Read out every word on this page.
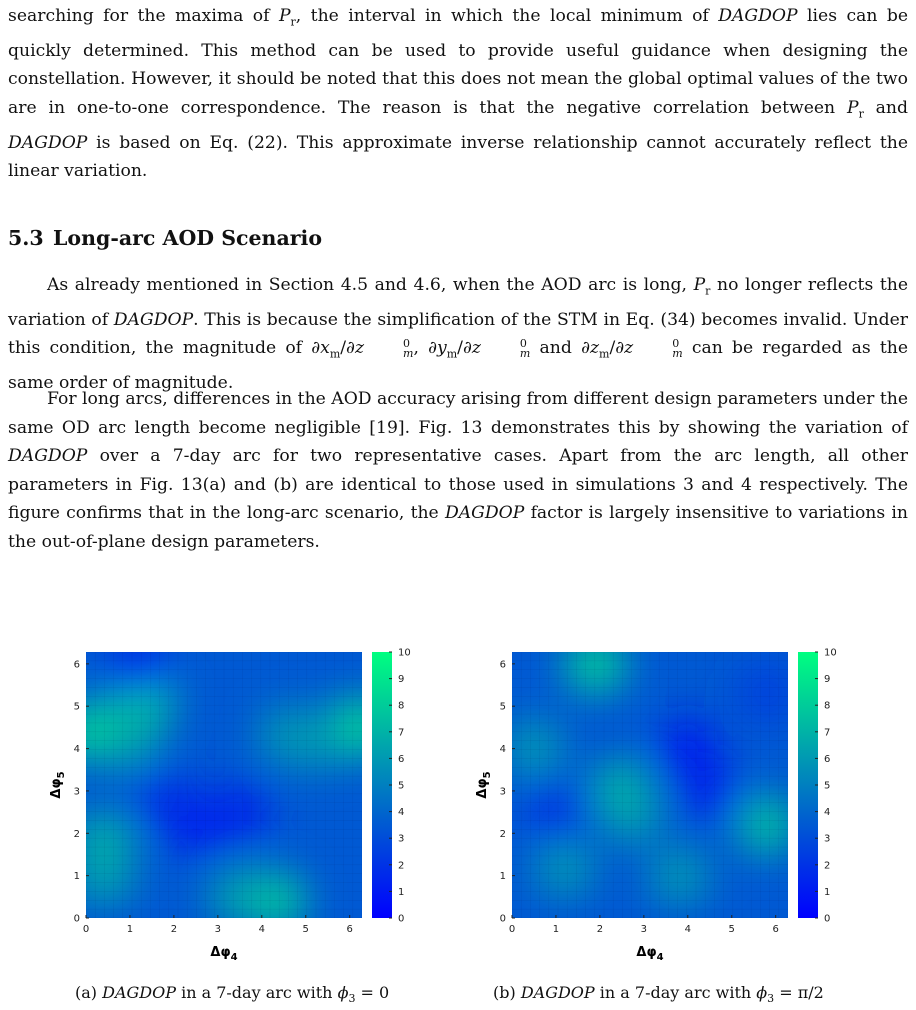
searching for the maxima of $P_r$, the interval in which the local minimum of DAGDOP lies can be quickly determined. This method can be used to provide useful guidance when designing the constellation. However, it should be noted that this does not mean the global optimal values of the two are in one-to-one correspondence. The reason is that the negative correlation between $P_r$ and DAGDOP is based on Eq. (22). This approximate inverse relationship cannot accurately reflect the linear variation.

5.3 Long-arc AOD Scenario

As already mentioned in Section 4.5 and 4.6, when the AOD arc is long, $P_r$ no longer reflects the variation of DAGDOP. This is because the simplification of the STM in Eq. (34) becomes invalid. Under this condition, the magnitude of $\partial x_m/\partial z$	0
m , $\partial y_m/\partial z$	0
m and $\partial z_m/\partial z$	0
m can be regarded as the same order of magnitude.

For long arcs, differences in the AOD accuracy arising from different design parameters under the same OD arc length become negligible [19]. Fig. 13 demonstrates this by showing the variation of DAGDOP over a 7-day arc for two representative cases. Apart from the arc length, all other parameters in Fig. 13(a) and (b) are identical to those used in simulations 3 and 4 respectively. The figure confirms that in the long-arc scenario, the DAGDOP factor is largely insensitive to variations in the out-of-plane design parameters.

0	1	2	3	4	5	6
0
1
2
3
4
5
6
$\Delta\varphi_4$
$\Delta\varphi_5$
0
1
2
3
4
5
6
7
8
9
10
0	1	2	3	4	5	6
0
1
2
3
4
5
6
$\Delta\varphi_4$
$\Delta\varphi_5$
0
1
2
3
4
5
6
7
8
9
10
(a) DAGDOP in a 7-day arc with $\phi_3 = 0$	(b) DAGDOP in a 7-day arc with $\phi_3 = \pi/2$
